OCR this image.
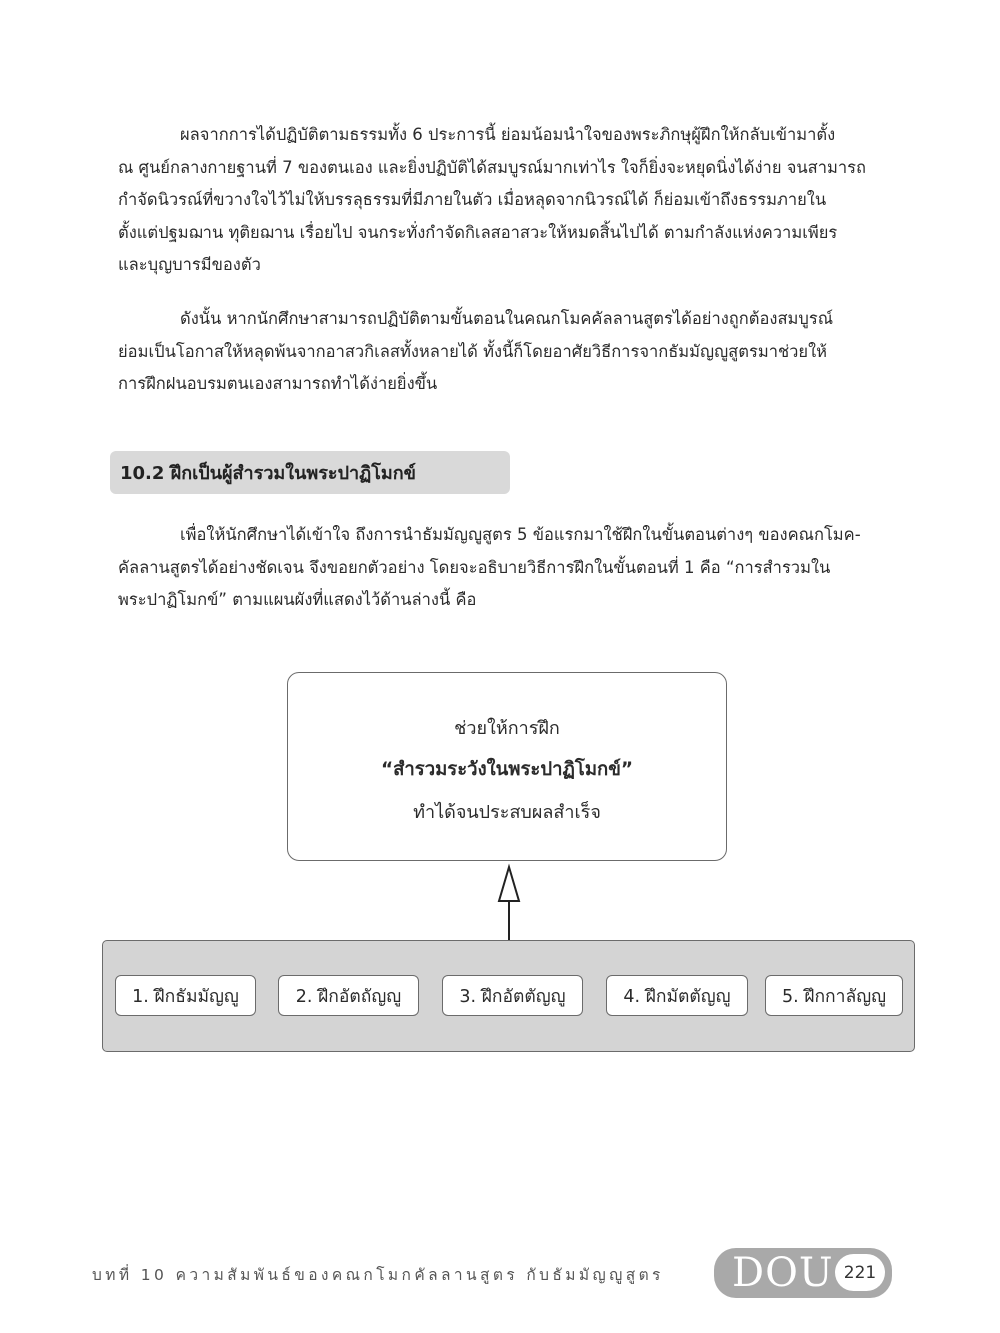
ผลจากการได้ปฏิบัติตามธรรมทั้ง 6 ประการนี้ ย่อมน้อมนำใจของพระภิกษุผู้ฝึกให้กลับเข้ามาตั้ง
ณ ศูนย์กลางกายฐานที่ 7 ของตนเอง และยิ่งปฏิบัติได้สมบูรณ์มากเท่าไร ใจก็ยิ่งจะหยุดนิ่งได้ง่าย จนสามารถ
กำจัดนิวรณ์ที่ขวางใจไว้ไม่ให้บรรลุธรรมที่มีภายในตัว เมื่อหลุดจากนิวรณ์ได้ ก็ย่อมเข้าถึงธรรมภายใน
ตั้งแต่ปฐมฌาน ทุติยฌาน เรื่อยไป จนกระทั่งกำจัดกิเลสอาสวะให้หมดสิ้นไปได้ ตามกำลังแห่งความเพียร
และบุญบารมีของตัว
ดังนั้น หากนักศึกษาสามารถปฏิบัติตามขั้นตอนในคณกโมคคัลลานสูตรได้อย่างถูกต้องสมบูรณ์
ย่อมเป็นโอกาสให้หลุดพ้นจากอาสวกิเลสทั้งหลายได้ ทั้งนี้ก็โดยอาศัยวิธีการจากธัมมัญญูสูตรมาช่วยให้
การฝึกฝนอบรมตนเองสามารถทำได้ง่ายยิ่งขึ้น
10.2 ฝึกเป็นผู้สำรวมในพระปาฏิโมกข์
เพื่อให้นักศึกษาได้เข้าใจ ถึงการนำธัมมัญญูสูตร 5 ข้อแรกมาใช้ฝึกในขั้นตอนต่างๆ ของคณกโมค-
คัลลานสูตรได้อย่างชัดเจน จึงขอยกตัวอย่าง โดยจะอธิบายวิธีการฝึกในขั้นตอนที่ 1 คือ “การสำรวมใน
พระปาฏิโมกข์” ตามแผนผังที่แสดงไว้ด้านล่างนี้ คือ
ช่วยให้การฝึก
“สำรวมระวังในพระปาฏิโมกข์”
ทำได้จนประสบผลสำเร็จ
1. ฝึกธัมมัญญู	2. ฝึกอัตถัญญู	3. ฝึกอัตตัญญู	4. ฝึกมัตตัญญู	5. ฝึกกาลัญญู
บทที่ 10 ความสัมพันธ์ของคณกโมกคัลลานสูตร กับธัมมัญญูสูตร DOU 221
